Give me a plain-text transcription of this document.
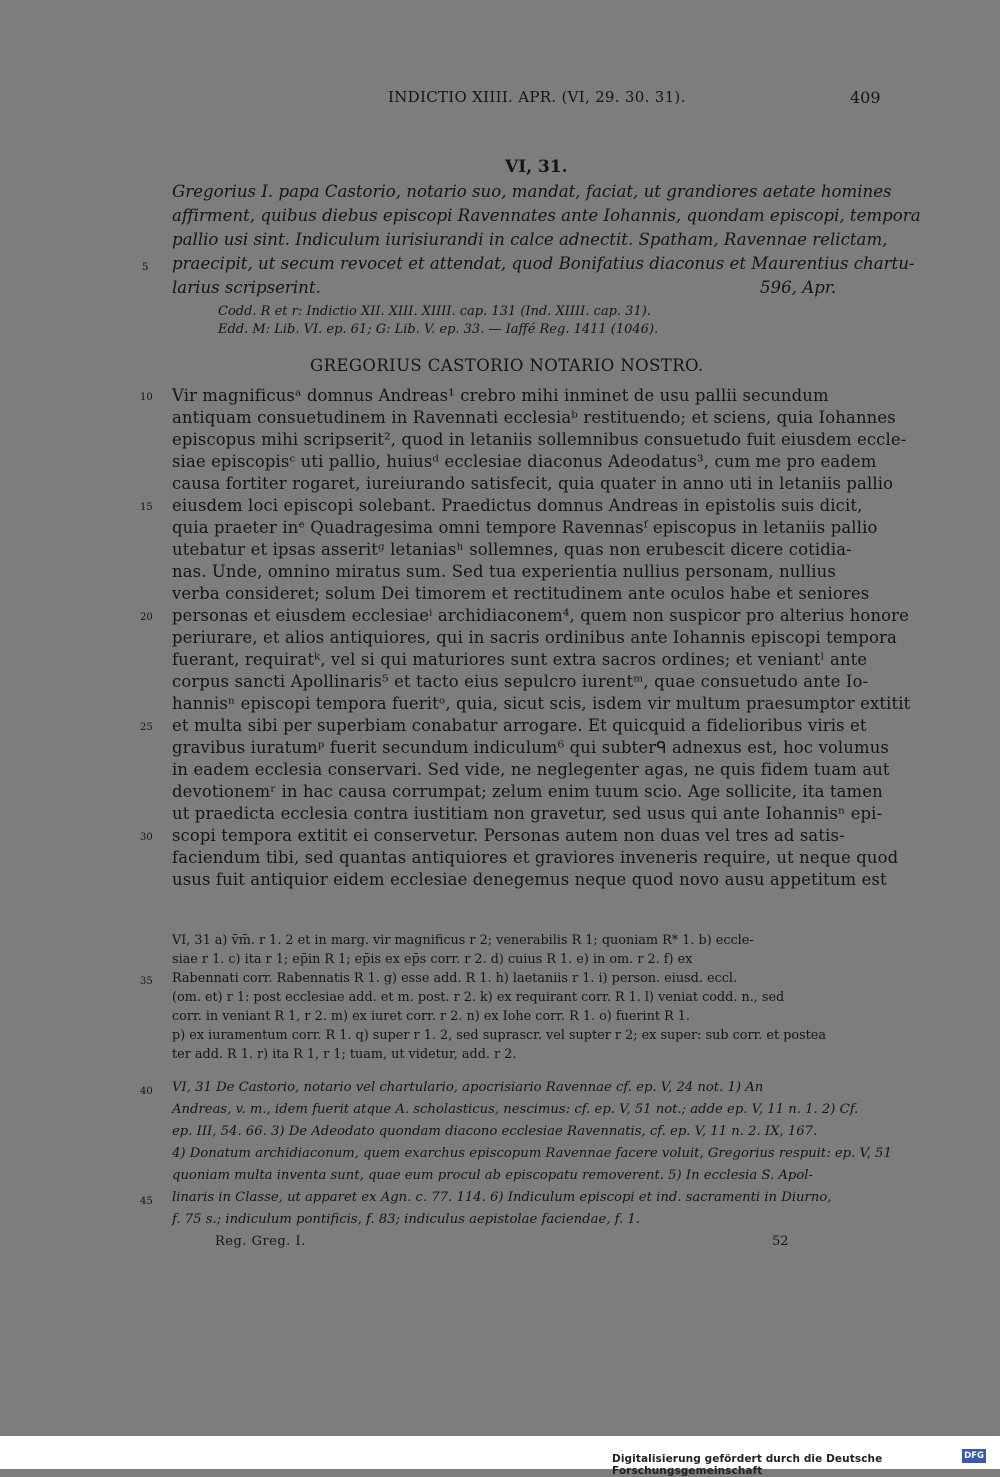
INDICTIO XIIII. APR. (VI, 29. 30. 31).	409
VI, 31.
Gregorius I. papa Castorio, notario suo, mandat, faciat, ut grandiores aetate homines
affirment, quibus diebus episcopi Ravennates ante Iohannis, quondam episcopi, tempora
pallio usi sint. Indiculum iurisiurandi in calce adnectit. Spatham, Ravennae relictam,
praecipit, ut secum revocet et attendat, quod Bonifatius diaconus et Maurentius chartu-
larius scripserint.	596, Apr.
5
Codd. R et r: Indictio XII. XIII. XIIII. cap. 131 (Ind. XIIII. cap. 31).
Edd. M: Lib. VI. ep. 61; G: Lib. V. ep. 33. — Iaffé Reg. 1411 (1046).
GREGORIUS CASTORIO NOTARIO NOSTRO.
Vir magnificusᵃ domnus Andreas¹ crebro mihi inminet de usu pallii secundum
antiquam consuetudinem in Ravennati ecclesiaᵇ restituendo; et sciens, quia Iohannes
episcopus mihi scripserit², quod in letaniis sollemnibus consuetudo fuit eiusdem eccle-
siae episcopisᶜ uti pallio, huiusᵈ ecclesiae diaconus Adeodatus³, cum me pro eadem
causa fortiter rogaret, iureiurando satisfecit, quia quater in anno uti in letaniis pallio
eiusdem loci episcopi solebant. Praedictus domnus Andreas in epistolis suis dicit,
quia praeter inᵉ Quadragesima omni tempore Ravennasᶠ episcopus in letaniis pallio
utebatur et ipsas asseritᵍ letaniasʰ sollemnes, quas non erubescit dicere cotidia-
nas. Unde, omnino miratus sum. Sed tua experientia nullius personam, nullius
verba consideret; solum Dei timorem et rectitudinem ante oculos habe et seniores
personas et eiusdem ecclesiaeⁱ archidiaconem⁴, quem non suspicor pro alterius honore
periurare, et alios antiquiores, qui in sacris ordinibus ante Iohannis episcopi tempora
fuerant, requiratᵏ, vel si qui maturiores sunt extra sacros ordines; et veniantˡ ante
corpus sancti Apollinaris⁵ et tacto eius sepulcro iurentᵐ, quae consuetudo ante Io-
hannisⁿ episcopi tempora fueritᵒ, quia, sicut scis, isdem vir multum praesumptor extitit
et multa sibi per superbiam conabatur arrogare. Et quicquid a fidelioribus viris et
gravibus iuratumᵖ fuerit secundum indiculum⁶ qui subterᑫ adnexus est, hoc volumus
in eadem ecclesia conservari. Sed vide, ne neglegenter agas, ne quis fidem tuam aut
devotionemʳ in hac causa corrumpat; zelum enim tuum scio. Age sollicite, ita tamen
ut praedicta ecclesia contra iustitiam non gravetur, sed usus qui ante Iohannisⁿ epi-
scopi tempora extitit ei conservetur. Personas autem non duas vel tres ad satis-
faciendum tibi, sed quantas antiquiores et graviores inveneris require, ut neque quod
usus fuit antiquior eidem ecclesiae denegemus neque quod novo ausu appetitum est
10
15
20
25
30
VI, 31 a) v̄m̄. r 1. 2 et in marg. vir magnificus r 2; venerabilis R 1; quoniam R* 1. b) eccle-
siae r 1. c) ita r 1; ep̄in R 1; ep̄is ex ep̄s corr. r 2. d) cuius R 1. e) in om. r 2. f) ex
Rabennati corr. Rabennatis R 1. g) esse add. R 1. h) laetaniis r 1. i) person. eiusd. eccl.
(om. et) r 1: post ecclesiae add. et m. post. r 2. k) ex requirant corr. R 1. l) veniat codd. n., sed
corr. in veniant R 1, r 2. m) ex iuret corr. r 2. n) ex Iohe corr. R 1. o) fuerint R 1.
p) ex iuramentum corr. R 1. q) super r 1. 2, sed suprascr. vel supter r 2; ex super: sub corr. et postea
ter add. R 1. r) ita R 1, r 1; tuam, ut videtur, add. r 2.
35
VI, 31 De Castorio, notario vel chartulario, apocrisiario Ravennae cf. ep. V, 24 not. 1) An
Andreas, v. m., idem fuerit atque A. scholasticus, nescimus: cf. ep. V, 51 not.; adde ep. V, 11 n. 1. 2) Cf.
ep. III, 54. 66. 3) De Adeodato quondam diacono ecclesiae Ravennatis, cf. ep. V, 11 n. 2. IX, 167.
4) Donatum archidiaconum, quem exarchus episcopum Ravennae facere voluit, Gregorius respuit: ep. V, 51
quoniam multa inventa sunt, quae eum procul ab episcopatu removerent. 5) In ecclesia S. Apol-
linaris in Classe, ut apparet ex Agn. c. 77. 114. 6) Indiculum episcopi et ind. sacramenti in Diurno,
f. 75 s.; indiculum pontificis, f. 83; indiculus aepistolae faciendae, f. 1.
40
45
Reg. Greg. I.	52
Digitalisierung gefördert durch die Deutsche Forschungsgemeinschaft
DFG
